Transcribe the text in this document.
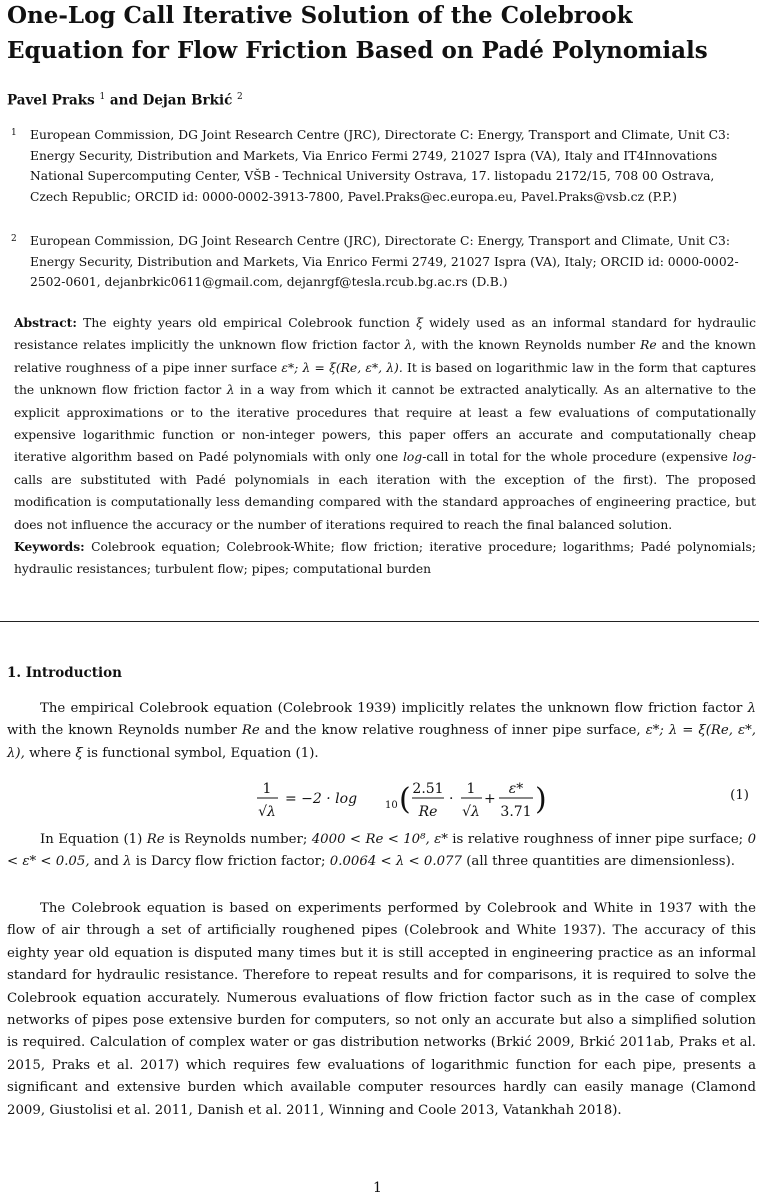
One-Log Call Iterative Solution of the Colebrook Equation for Flow Friction Based on Padé Polynomials

Pavel Praks $^1$ and Dejan Brkić $^2$

1 European Commission, DG Joint Research Centre (JRC), Directorate C: Energy, Transport and Climate, Unit C3: Energy Security, Distribution and Markets, Via Enrico Fermi 2749, 21027 Ispra (VA), Italy and IT4Innovations National Supercomputing Center, VŠB - Technical University Ostrava, 17. listopadu 2172/15, 708 00 Ostrava, Czech Republic; ORCID id: 0000-0002-3913-7800, Pavel.Praks@ec.europa.eu, Pavel.Praks@vsb.cz (P.P.)

2 European Commission, DG Joint Research Centre (JRC), Directorate C: Energy, Transport and Climate, Unit C3: Energy Security, Distribution and Markets, Via Enrico Fermi 2749, 21027 Ispra (VA), Italy; ORCID id: 0000-0002-2502-0601, dejanbrkic0611@gmail.com, dejanrgf@tesla.rcub.bg.ac.rs (D.B.)

Abstract: The eighty years old empirical Colebrook function ξ widely used as an informal standard for hydraulic resistance relates implicitly the unknown flow friction factor λ, with the known Reynolds number Re and the known relative roughness of a pipe inner surface ε*; λ = ξ(Re, ε*, λ). It is based on logarithmic law in the form that captures the unknown flow friction factor λ in a way from which it cannot be extracted analytically. As an alternative to the explicit approximations or to the iterative procedures that require at least a few evaluations of computationally expensive logarithmic function or non-integer powers, this paper offers an accurate and computationally cheap iterative algorithm based on Padé polynomials with only one log-call in total for the whole procedure (expensive log-calls are substituted with Padé polynomials in each iteration with the exception of the first). The proposed modification is computationally less demanding compared with the standard approaches of engineering practice, but does not influence the accuracy or the number of iterations required to reach the final balanced solution.

Keywords: Colebrook equation; Colebrook-White; flow friction; iterative procedure; logarithms; Padé polynomials; hydraulic resistances; turbulent flow; pipes; computational burden

1. Introduction

The empirical Colebrook equation (Colebrook 1939) implicitly relates the unknown flow friction factor λ with the known Reynolds number Re and the know relative roughness of inner pipe surface, ε*; λ = ξ(Re, ε*, λ), where ξ is functional symbol, Equation (1).

1
√λ
= −2 · log	10 ( 2.51
Re
·
1
√λ
+
ε*
3.71 )	(1)

In Equation (1) Re is Reynolds number; 4000 < Re < 10⁸, ε* is relative roughness of inner pipe surface; 0 < ε* < 0.05, and λ is Darcy flow friction factor; 0.0064 < λ < 0.077 (all three quantities are dimensionless).

The Colebrook equation is based on experiments performed by Colebrook and White in 1937 with the flow of air through a set of artificially roughened pipes (Colebrook and White 1937). The accuracy of this eighty year old equation is disputed many times but it is still accepted in engineering practice as an informal standard for hydraulic resistance. Therefore to repeat results and for comparisons, it is required to solve the Colebrook equation accurately. Numerous evaluations of flow friction factor such as in the case of complex networks of pipes pose extensive burden for computers, so not only an accurate but also a simplified solution is required. Calculation of complex water or gas distribution networks (Brkić 2009, Brkić 2011ab, Praks et al. 2015, Praks et al. 2017) which requires few evaluations of logarithmic function for each pipe, presents a significant and extensive burden which available computer resources hardly can easily manage (Clamond 2009, Giustolisi et al. 2011, Danish et al. 2011, Winning and Coole 2013, Vatankhah 2018).

1
